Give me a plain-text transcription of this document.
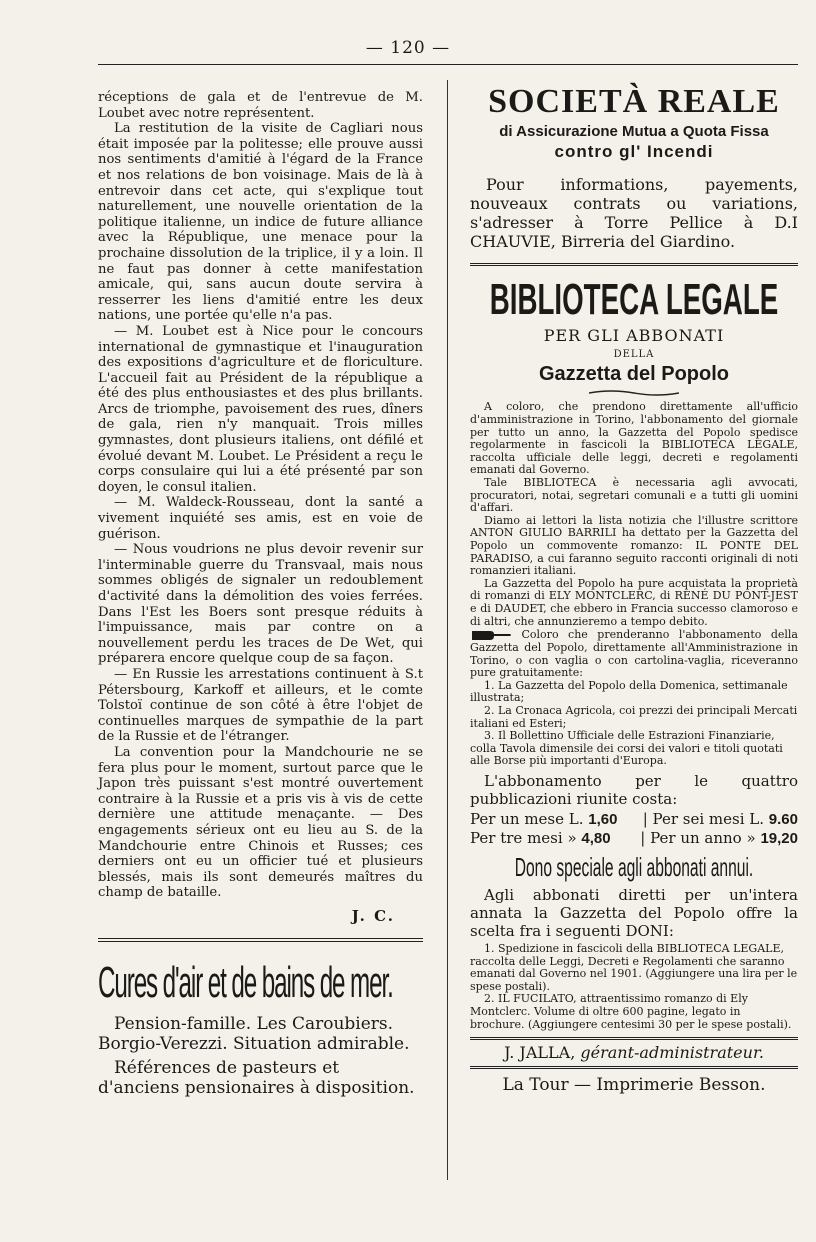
— 120 —

réceptions de gala et de l'entrevue de M. Loubet avec notre représentent.

La restitution de la visite de Cagliari nous était imposée par la politesse; elle prouve aussi nos sentiments d'amitié à l'égard de la France et nos relations de bon voisinage. Mais de là à entrevoir dans cet acte, qui s'explique tout naturellement, une nouvelle orientation de la politique italienne, un indice de future alliance avec la République, une menace pour la prochaine dissolution de la triplice, il y a loin. Il ne faut pas donner à cette manifestation amicale, qui, sans aucun doute servira à resserrer les liens d'amitié entre les deux nations, une portée qu'elle n'a pas.

— M. Loubet est à Nice pour le concours international de gymnastique et l'inauguration des expositions d'agriculture et de floriculture. L'accueil fait au Président de la république a été des plus enthousiastes et des plus brillants. Arcs de triomphe, pavoisement des rues, dîners de gala, rien n'y manquait. Trois milles gymnastes, dont plusieurs italiens, ont défilé et évolué devant M. Loubet. Le Président a reçu le corps consulaire qui lui a été présenté par son doyen, le consul italien.

— M. Waldeck-Rousseau, dont la santé a vivement inquiété ses amis, est en voie de guérison.

— Nous voudrions ne plus devoir revenir sur l'interminable guerre du Transvaal, mais nous sommes obligés de signaler un redoublement d'activité dans la démolition des voies ferrées. Dans l'Est les Boers sont presque réduits à l'impuissance, mais par contre on a nouvellement perdu les traces de De Wet, qui préparera encore quelque coup de sa façon.

— En Russie les arrestations continuent à S.t Pétersbourg, Karkoff et ailleurs, et le comte Tolstoï continue de son côté à être l'objet de continuelles marques de sympathie de la part de la Russie et de l'étranger.

La convention pour la Mandchourie ne se fera plus pour le moment, surtout parce que le Japon très puissant s'est montré ouvertement contraire à la Russie et a pris vis à vis de cette dernière une attitude menaçante. — Des engagements sérieux ont eu lieu au S. de la Mandchourie entre Chinois et Russes; ces derniers ont eu un officier tué et plusieurs blessés, mais ils sont demeurés maîtres du champ de bataille.

J. C.
Cures d'air et de bains de mer.

Pension-famille. Les Caroubiers. Borgio-Verezzi. Situation admirable.

Références de pasteurs et d'anciens pensionaires à disposition.

SOCIETÀ REALE
di Assicurazione Mutua a Quota Fissa
contro gl' Incendi

Pour informations, payements, nouveaux contrats ou variations, s'adresser à Torre Pellice à D.I CHAUVIE, Birreria del Giardino.

BIBLIOTECA LEGALE
PER GLI ABBONATI
DELLA
Gazzetta del Popolo

A coloro, che prendono direttamente all'ufficio d'amministrazione in Torino, l'abbonamento del giornale per tutto un anno, la Gazzetta del Popolo spedisce regolarmente in fascicoli la BIBLIOTECA LEGALE, raccolta ufficiale delle leggi, decreti e regolamenti emanati dal Governo.

Tale BIBLIOTECA è necessaria agli avvocati, procuratori, notai, segretari comunali e a tutti gli uomini d'affari.

Diamo ai lettori la lista notizia che l'illustre scrittore ANTON GIULIO BARRILI ha dettato per la Gazzetta del Popolo un commovente romanzo: IL PONTE DEL PARADISO, a cui faranno seguito racconti originali di noti romanzieri italiani.

La Gazzetta del Popolo ha pure acquistata la proprietà di romanzi di ELY MONTCLERC, di RENÉ DU PONT-JEST e di DAUDET, che ebbero in Francia successo clamoroso e di altri, che annunzieremo a tempo debito.

Coloro che prenderanno l'abbonamento della Gazzetta del Popolo, direttamente all'Amministrazione in Torino, o con vaglia o con cartolina-vaglia, riceveranno pure gratuitamente:

1. La Gazzetta del Popolo della Domenica, settimanale illustrata;
2. La Cronaca Agricola, coi prezzi dei principali Mercati italiani ed Esteri;
3. Il Bollettino Ufficiale delle Estrazioni Finanziarie, colla Tavola dimensile dei corsi dei valori e titoli quotati alle Borse più importanti d'Europa.

L'abbonamento per le quattro pubblicazioni riunite costa:

Per un mese L. 1,60 | Per sei mesi L. 9.60
Per tre mesi » 4,80 | Per un anno » 19,20
Dono speciale agli abbonati annui.

Agli abbonati diretti per un'intera annata la Gazzetta del Popolo offre la scelta fra i seguenti DONI:

1. Spedizione in fascicoli della BIBLIOTECA LEGALE, raccolta delle Leggi, Decreti e Regolamenti che saranno emanati dal Governo nel 1901. (Aggiungere una lira per le spese postali).
2. IL FUCILATO, attraentissimo romanzo di Ely Montclerc. Volume di oltre 600 pagine, legato in brochure. (Aggiungere centesimi 30 per le spese postali).
J. JALLA, gérant-administrateur.
La Tour — Imprimerie Besson.
